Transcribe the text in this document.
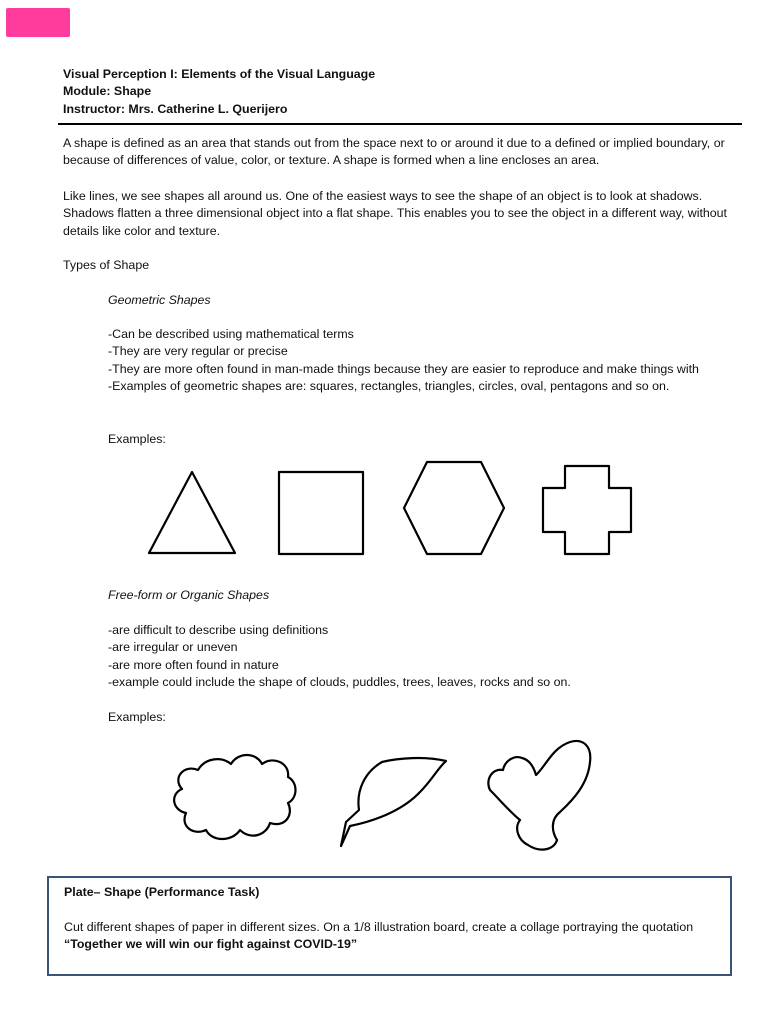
Visual Perception I: Elements of the Visual Language
Module: Shape
Instructor: Mrs. Catherine L. Querijero
A shape is defined as an area that stands out from the space next to or around it due to a defined or implied boundary, or because of differences of value, color, or texture. A shape is formed when a line encloses an area.
Like lines, we see shapes all around us. One of the easiest ways to see the shape of an object is to look at shadows. Shadows flatten a three dimensional object into a flat shape. This enables you to see the object in a different way, without details like color and texture.
Types of Shape
Geometric Shapes
-Can be described using mathematical terms
-They are very regular or precise
-They are more often found in man-made things because they are easier to reproduce and make things with
-Examples of geometric shapes are: squares, rectangles, triangles, circles, oval, pentagons and so on.
Examples:
Free-form or Organic Shapes
-are difficult to describe using definitions
-are irregular or uneven
-are more often found in nature
-example could include the shape of clouds, puddles, trees, leaves, rocks and so on.
Examples:
Plate– Shape (Performance Task)
Cut different shapes of paper in different sizes. On a 1/8 illustration board, create a collage portraying the quotation
“Together we will win our fight against COVID-19”
